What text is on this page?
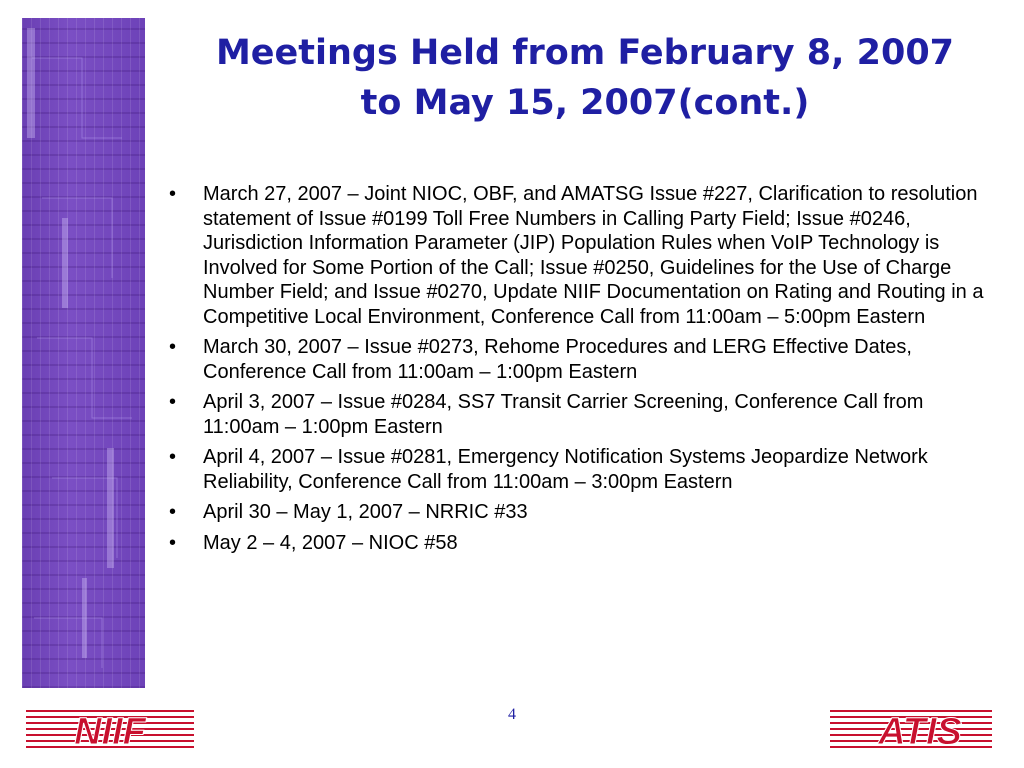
Meetings Held from February 8, 2007
to May 15, 2007(cont.)
• March 27, 2007 – Joint NIOC, OBF, and AMATSG Issue #227, Clarification to resolution statement of Issue #0199 Toll Free Numbers in Calling Party Field; Issue #0246, Jurisdiction Information Parameter (JIP) Population Rules when VoIP Technology is Involved for Some Portion of the Call; Issue #0250, Guidelines for the Use of Charge Number Field; and Issue #0270, Update NIIF Documentation on Rating and Routing in a Competitive Local Environment, Conference Call from 11:00am – 5:00pm Eastern
• March 30, 2007 – Issue #0273, Rehome Procedures and LERG Effective Dates, Conference Call from 11:00am – 1:00pm Eastern
• April 3, 2007 – Issue #0284, SS7 Transit Carrier Screening, Conference Call from 11:00am – 1:00pm Eastern
• April 4, 2007 – Issue #0281, Emergency Notification Systems Jeopardize Network Reliability, Conference Call from 11:00am – 3:00pm Eastern
• April 30 – May 1, 2007 – NRRIC #33
• May 2 – 4, 2007 – NIOC #58
4
NIIF	ATIS
